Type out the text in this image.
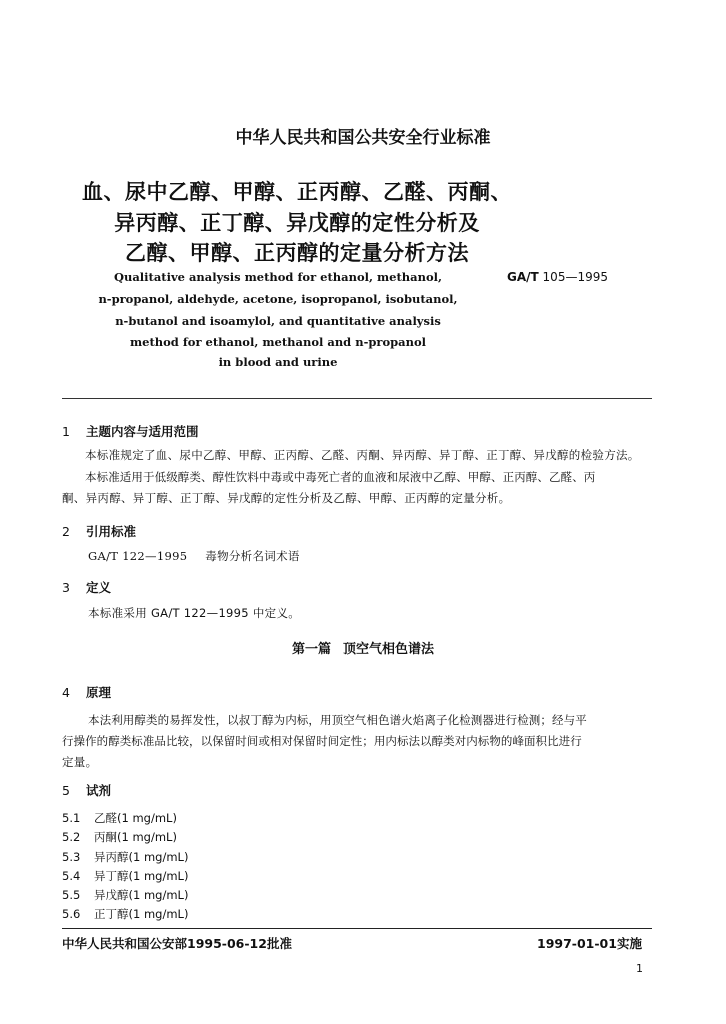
中华人民共和国公共安全行业标准
血、尿中乙醇、甲醇、正丙醇、乙醛、丙酮、
异丙醇、正丁醇、异戊醇的定性分析及
乙醇、甲醇、正丙醇的定量分析方法
Qualitative analysis method for ethanol, methanol,
n-propanol, aldehyde, acetone, isopropanol, isobutanol,
n-butanol and isoamylol, and quantitative analysis
method for ethanol, methanol and n-propanol
in blood and urine
GA/T 105—1995
1 主题内容与适用范围
本标准规定了血、尿中乙醇、甲醇、正丙醇、乙醛、丙酮、异丙醇、异丁醇、正丁醇、异戊醇的检验方法。
本标准适用于低级醇类、醇性饮料中毒或中毒死亡者的血液和尿液中乙醇、甲醇、正丙醇、乙醛、丙
酮、异丙醇、异丁醇、正丁醇、异戊醇的定性分析及乙醇、甲醇、正丙醇的定量分析。
2 引用标准
GA/T 122—1995 毒物分析名词术语
3 定义
本标准采用 GA/T 122—1995 中定义。
第一篇 顶空气相色谱法
4 原理
本法利用醇类的易挥发性，以叔丁醇为内标，用顶空气相色谱火焰离子化检测器进行检测；经与平
行操作的醇类标准品比较，以保留时间或相对保留时间定性；用内标法以醇类对内标物的峰面积比进行
定量。
5 试剂
5.1 乙醛(1 mg/mL)
5.2 丙酮(1 mg/mL)
5.3 异丙醇(1 mg/mL)
5.4 异丁醇(1 mg/mL)
5.5 异戊醇(1 mg/mL)
5.6 正丁醇(1 mg/mL)
中华人民共和国公安部1995-06-12批准	1997-01-01实施
1
